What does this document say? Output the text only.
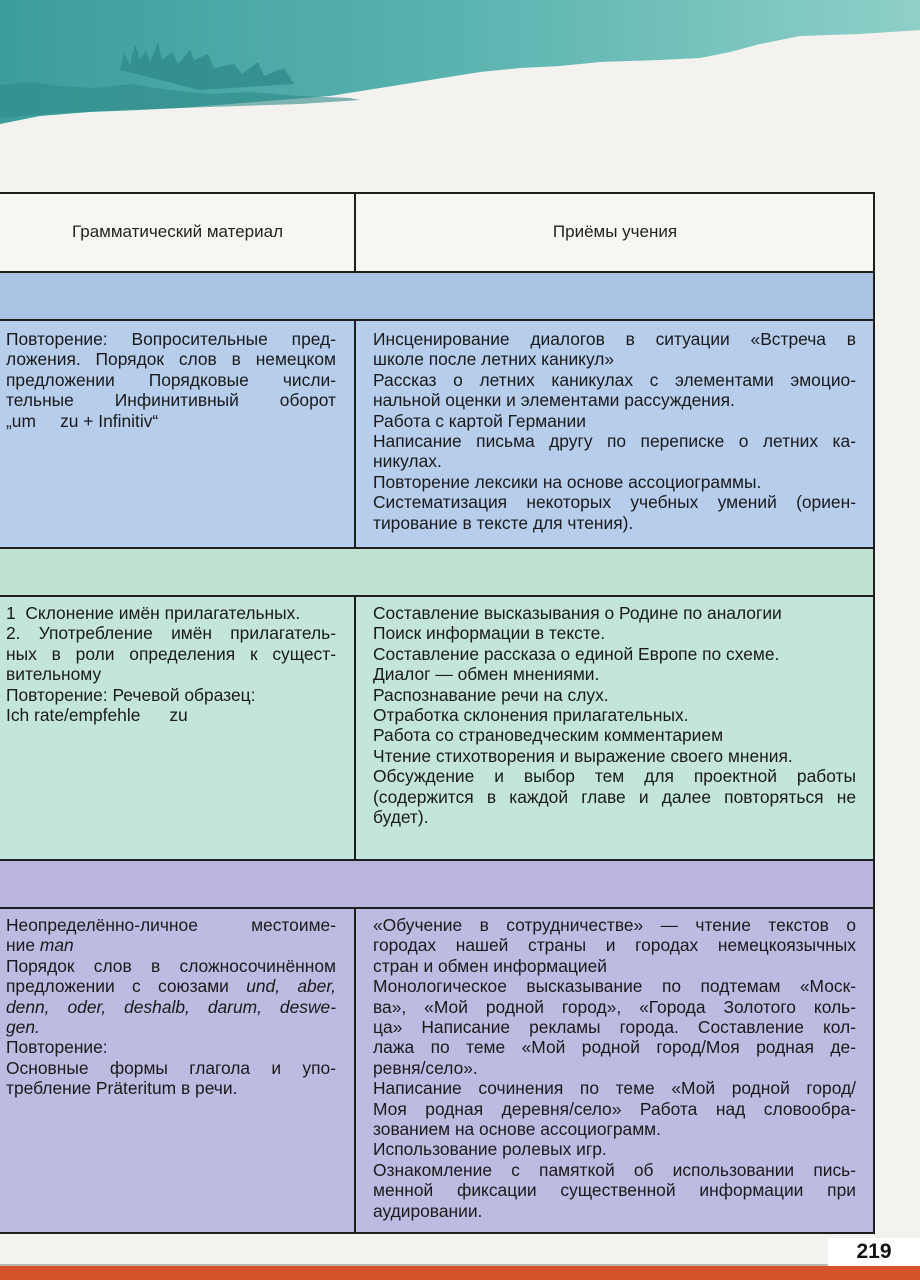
Грамматический материал	Приёмы учения
Повторение: Вопросительные пред-
ложения. Порядок слов в немецком
предложении Порядковые числи-
тельные Инфинитивный оборот
„um     zu + Infinitiv“
Инсценирование диалогов в ситуации «Встреча в
школе после летних каникул»
Рассказ о летних каникулах с элементами эмоцио-
нальной оценки и элементами рассуждения.
Работа с картой Германии
Написание письма другу по переписке о летних ка-
никулах.
Повторение лексики на основе ассоциограммы.
Систематизация некоторых учебных умений (ориен-
тирование в тексте для чтения).
1  Склонение имён прилагательных.
2. Употребление имён прилагатель-
ных в роли определения к сущест-
вительному
Повторение: Речевой образец:
Ich rate/empfehle      zu
Составление высказывания о Родине по аналогии
Поиск информации в тексте.
Составление рассказа о единой Европе по схеме.
Диалог — обмен мнениями.
Распознавание речи на слух.
Отработка склонения прилагательных.
Работа со страноведческим комментарием
Чтение стихотворения и выражение своего мнения.
Обсуждение и выбор тем для проектной работы
(содержится в каждой главе и далее повторяться не
будет).
Неопределённо-личное местоиме-
ние man
Порядок слов в сложносочинённом
предложении с союзами und, aber,
denn, oder, deshalb, darum, deswe-
gen.
Повторение:
Основные формы глагола и упо-
требление Präteritum в речи.
«Обучение в сотрудничестве» — чтение текстов о
городах нашей страны и городах немецкоязычных
стран и обмен информацией
Монологическое высказывание по подтемам «Моск-
ва», «Мой родной город», «Города Золотого коль-
ца» Написание рекламы города. Составление кол-
лажа по теме «Мой родной город/Моя родная де-
ревня/село».
Написание сочинения по теме «Мой родной город/
Моя родная деревня/село» Работа над словообра-
зованием на основе ассоциограмм.
Использование ролевых игр.
Ознакомление с памяткой об использовании пись-
менной фиксации существенной информации при
аудировании.
219
